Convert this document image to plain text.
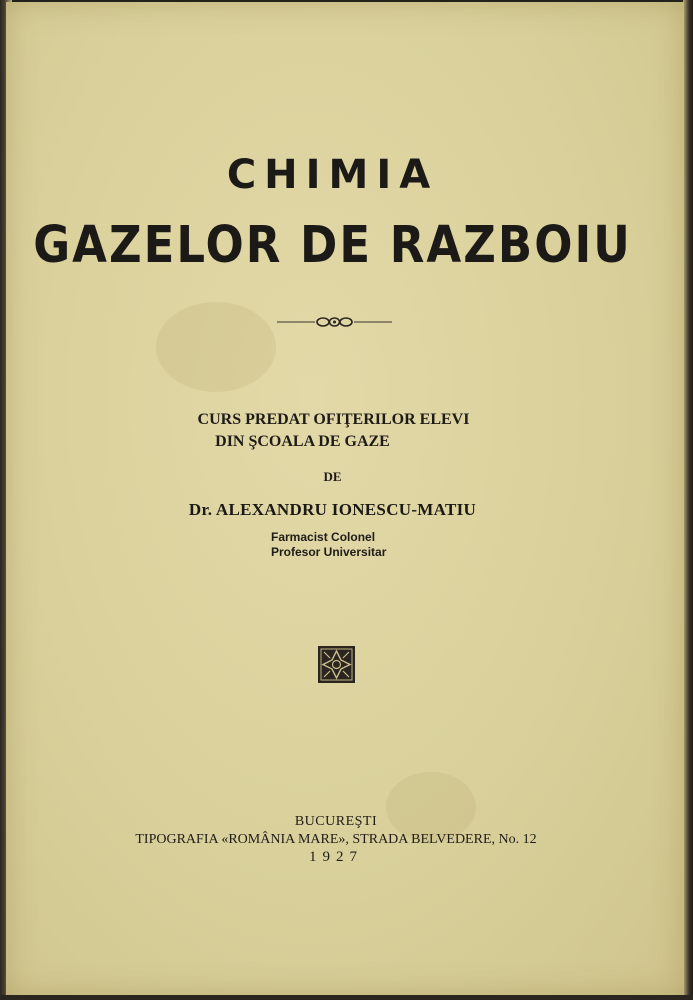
CHIMIA
GAZELOR DE RAZBOIU
CURS PREDAT OFIŢERILOR ELEVI
DIN ŞCOALA DE GAZE
DE
Dr. ALEXANDRU IONESCU-MATIU
Farmacist Colonel
Profesor Universitar
BUCUREŞTI
TIPOGRAFIA «ROMÂNIA MARE», STRADA BELVEDERE, No. 12
1927
